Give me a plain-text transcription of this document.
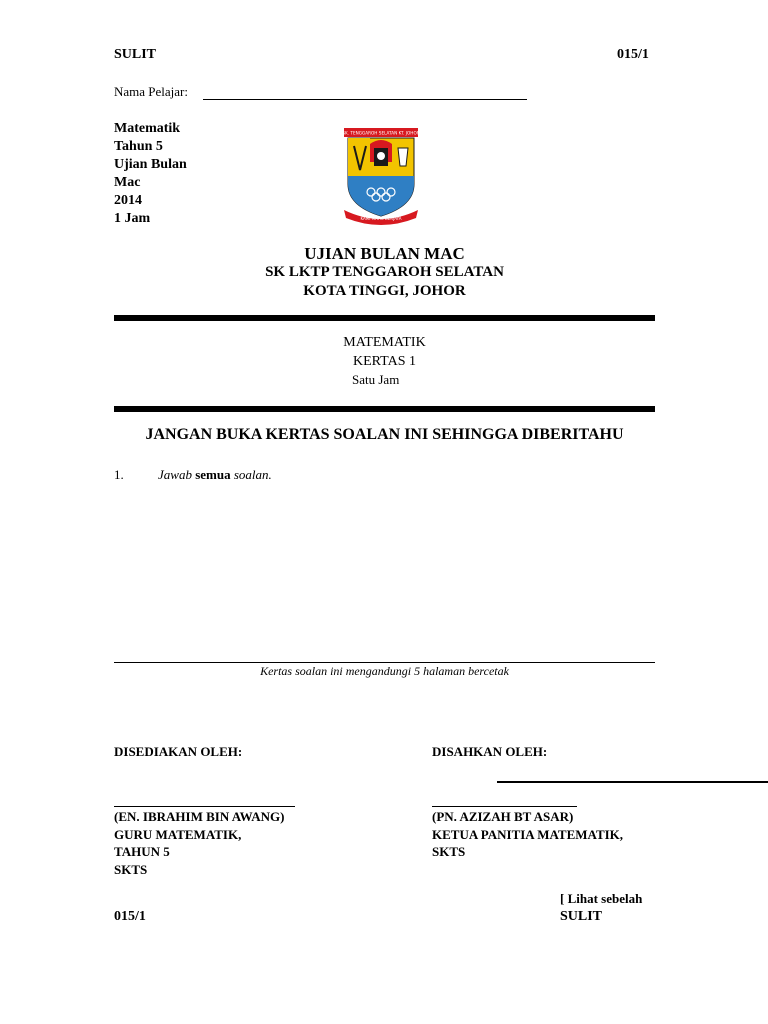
SULIT	015/1
Nama Pelajar:
Matematik
Tahun 5
Ujian Bulan
Mac
2014
1 Jam
SK. TENGGAROH SELATAN KT. JOHOR
KAMI MAHU BERJAYA
UJIAN BULAN MAC
SK LKTP TENGGAROH SELATAN
KOTA TINGGI, JOHOR
MATEMATIK
KERTAS 1
Satu Jam
JANGAN BUKA KERTAS SOALAN INI SEHINGGA DIBERITAHU
1.	Jawab semua soalan.
Kertas soalan ini mengandungi 5 halaman bercetak
DISEDIAKAN OLEH:	DISAHKAN OLEH:
(EN. IBRAHIM BIN AWANG)
GURU MATEMATIK,
TAHUN 5
SKTS
(PN. AZIZAH BT ASAR)
KETUA PANITIA MATEMATIK,
SKTS
[ Lihat sebelah
015/1	SULIT
